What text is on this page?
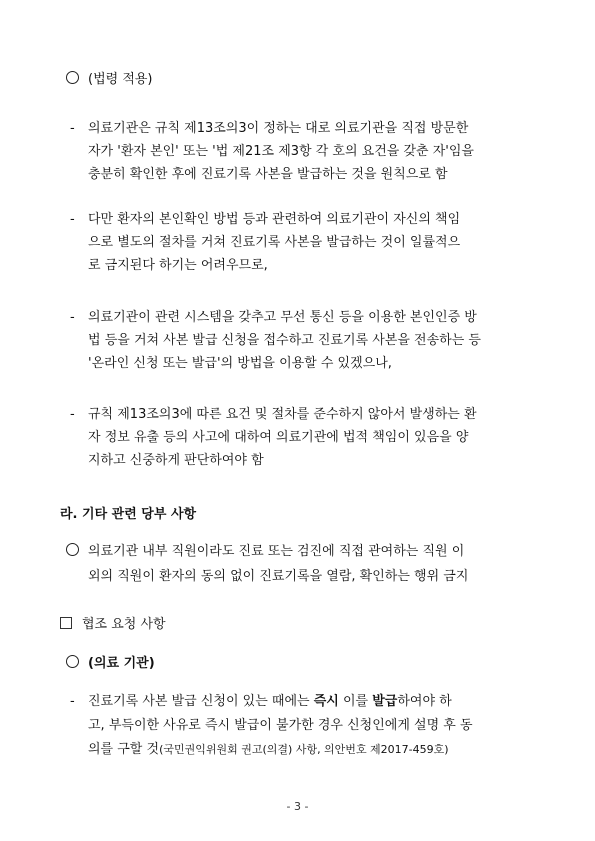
(법령 적용)
- 의료기관은 규칙 제13조의3이 정하는 대로 의료기관을 직접 방문한
자가 '환자 본인' 또는 '법 제21조 제3항 각 호의 요건을 갖춘 자'임을
충분히 확인한 후에 진료기록 사본을 발급하는 것을 원칙으로 함
- 다만 환자의 본인확인 방법 등과 관련하여 의료기관이 자신의 책임
으로 별도의 절차를 거쳐 진료기록 사본을 발급하는 것이 일률적으
로 금지된다 하기는 어려우므로,
- 의료기관이 관련 시스템을 갖추고 무선 통신 등을 이용한 본인인증 방
법 등을 거쳐 사본 발급 신청을 접수하고 진료기록 사본을 전송하는 등
'온라인 신청 또는 발급'의 방법을 이용할 수 있겠으나,
- 규칙 제13조의3에 따른 요건 및 절차를 준수하지 않아서 발생하는 환
자 정보 유출 등의 사고에 대하여 의료기관에 법적 책임이 있음을 양
지하고 신중하게 판단하여야 함
라. 기타 관련 당부 사항
의료기관 내부 직원이라도 진료 또는 검진에 직접 관여하는 직원 이
외의 직원이 환자의 동의 없이 진료기록을 열람, 확인하는 행위 금지
협조 요청 사항
(의료 기관)
- 진료기록 사본 발급 신청이 있는 때에는 즉시 이를 발급하여야 하
고, 부득이한 사유로 즉시 발급이 불가한 경우 신청인에게 설명 후 동
의를 구할 것(국민권익위원회 권고(의결) 사항, 의안번호 제2017-459호)
- 3 -
